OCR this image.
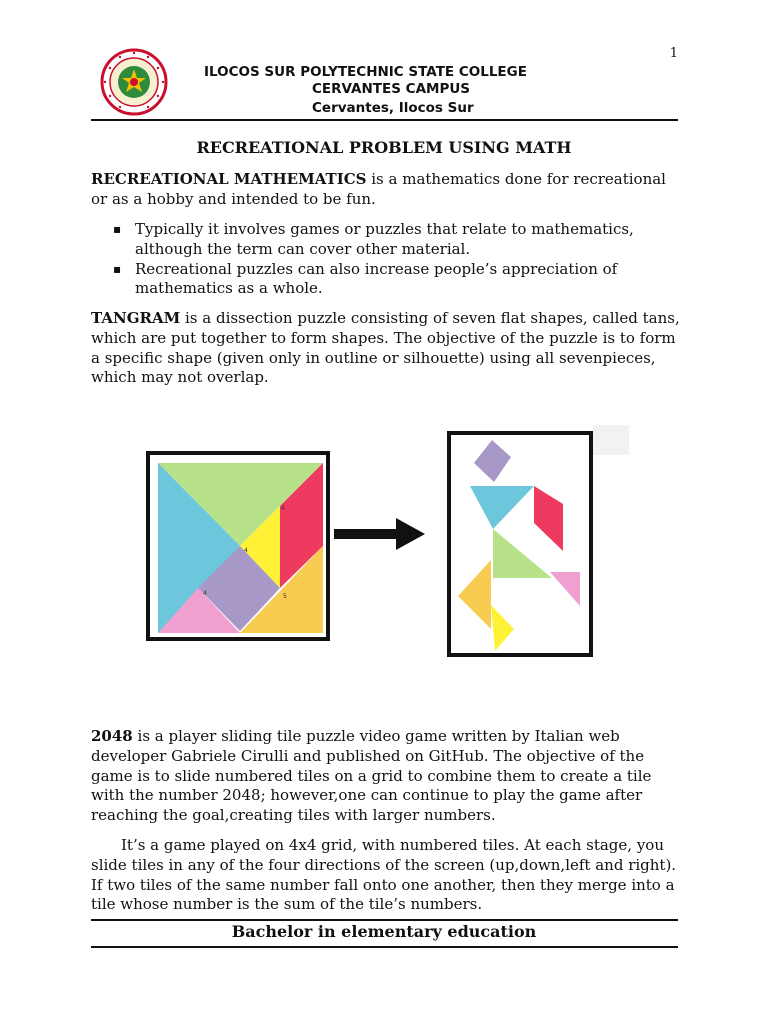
1
ILOCOS SUR POLYTECHNIC STATE COLLEGE
CERVANTES CAMPUS
Cervantes, Ilocos Sur
RECREATIONAL PROBLEM USING MATH
RECREATIONAL MATHEMATICS is a mathematics done for recreational or as a hobby and intended to be fun.
▪ Typically it involves games or puzzles that relate to mathematics, although the term can cover other material.
▪ Recreational puzzles can also increase people’s appreciation of mathematics as a whole.
TANGRAM is a dissection puzzle consisting of seven flat shapes, called tans, which are put together to form shapes. The objective of the puzzle is to form a specific shape (given only in outline or silhouette) using all sevenpieces, which may not overlap.
4
4
4	5
2048 is a player sliding tile puzzle video game written by Italian web developer Gabriele Cirulli and published on GitHub. The objective of the game is to slide numbered tiles on a grid to combine them to create a tile with the number 2048; however,one can continue to play the game after reaching the goal,creating tiles with larger numbers.
It’s a game played on 4x4 grid, with numbered tiles. At each stage, you slide tiles in any of the four directions of the screen (up,down,left and right). If two tiles of the same number fall onto one another, then they merge into a tile whose number is the sum of the tile’s numbers.
Bachelor in elementary education
